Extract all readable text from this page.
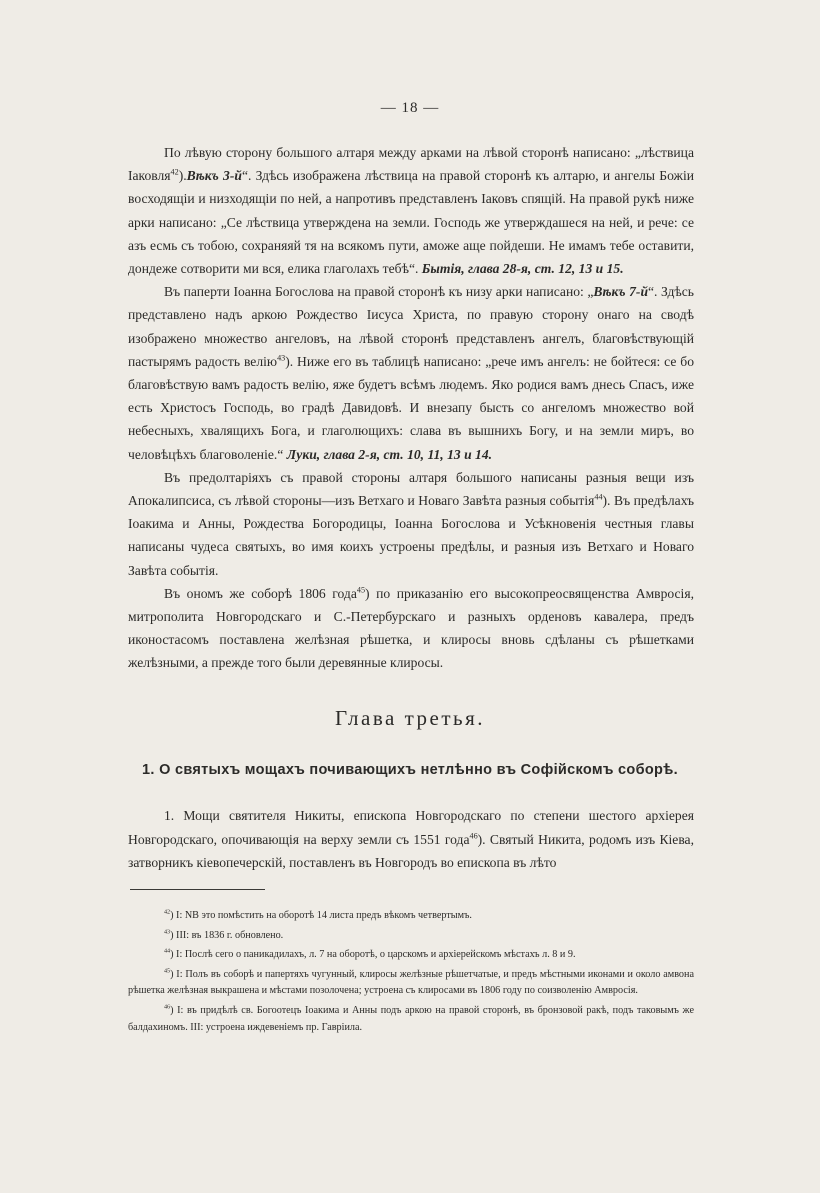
— 18 —

По лѣвую сторону большого алтаря между арками на лѣвой сторонѣ написано: „лѣствица Іаковля$^{42}$).Вѣкъ 3-й“. Здѣсь изображена лѣствица на правой сторонѣ къ алтарю, и ангелы Божіи восходящіи и низходящіи по ней, а напротивъ представленъ Іаковъ спящій. На правой рукѣ ниже арки написано: „Се лѣствица утверждена на земли. Господь же утверждашеся на ней, и рече: се азъ есмь съ тобою, сохраняяй тя на всякомъ пути, аможе аще пойдеши. Не имамъ тебе оставити, дондеже сотворити ми вся, елика глаголахъ тебѣ“. Бытія, глава 28-я, ст. 12, 13 и 15.

Въ паперти Іоанна Богослова на правой сторонѣ къ низу арки написано: „Вѣкъ 7-й“. Здѣсь представлено надъ аркою Рождество Іисуса Христа, по правую сторону онаго на сводѣ изображено множество ангеловъ, на лѣвой сторонѣ представленъ ангелъ, благовѣствующій пастырямъ радость велію$^{43}$). Ниже его въ таблицѣ написано: „рече имъ ангелъ: не бойтеся: се бо благовѣствую вамъ радость велію, яже будетъ всѣмъ людемъ. Яко родися вамъ днесь Спасъ, иже есть Христосъ Господь, во градѣ Давидовѣ. И внезапу бысть со ангеломъ множество вой небесныхъ, хвалящихъ Бога, и глаголющихъ: слава въ вышнихъ Богу, и на земли миръ, во человѣцѣхъ благоволеніе.“ Луки, глава 2-я, ст. 10, 11, 13 и 14.

Въ предолтаріяхъ съ правой стороны алтаря большого написаны разныя вещи изъ Апокалипсиса, съ лѣвой стороны—изъ Ветхаго и Новаго Завѣта разныя событія$^{44}$). Въ предѣлахъ Іоакима и Анны, Рождества Богородицы, Іоанна Богослова и Усѣкновенія честныя главы написаны чудеса святыхъ, во имя коихъ устроены предѣлы, и разныя изъ Ветхаго и Новаго Завѣта событія.

Въ ономъ же соборѣ 1806 года$^{45}$) по приказанію его высокопреосвященства Амвросія, митрополита Новгородскаго и С.-Петербурскаго и разныхъ орденовъ кавалера, предъ иконостасомъ поставлена желѣзная рѣшетка, и клиросы вновь сдѣланы съ рѣшетками желѣзными, а прежде того были деревянные клиросы.

Глава третья.
1. О святыхъ мощахъ почивающихъ нетлѣнно въ Софійскомъ соборѣ.

1. Мощи святителя Никиты, епископа Новгородскаго по степени шестого архіерея Новгородскаго, опочивающія на верху земли съ 1551 года$^{46}$). Святый Никита, родомъ изъ Кіева, затворникъ кіевопечерскій, поставленъ въ Новгородъ во епископа въ лѣто

$^{42}$) I: NB это помѣстить на оборотѣ 14 листа предъ вѣкомъ четвертымъ.

$^{43}$) III: въ 1836 г. обновлено.

$^{44}$) I: Послѣ сего о паникадилахъ, л. 7 на оборотѣ, о царскомъ и архіерейскомъ мѣстахъ л. 8 и 9.

$^{45}$) I: Полъ въ соборѣ и папертяхъ чугунный, клиросы желѣзные рѣшетчатые, и предъ мѣстными иконами и около амвона рѣшетка желѣзная выкрашена и мѣстами позолочена; устроена съ клиросами въ 1806 году по соизволенію Амвросія.

$^{46}$) I: въ придѣлѣ св. Богоотецъ Іоакима и Анны подъ аркою на правой сторонѣ, въ бронзовой ракѣ, подъ таковымъ же балдахиномъ. III: устроена иждевеніемъ пр. Гавріила.
